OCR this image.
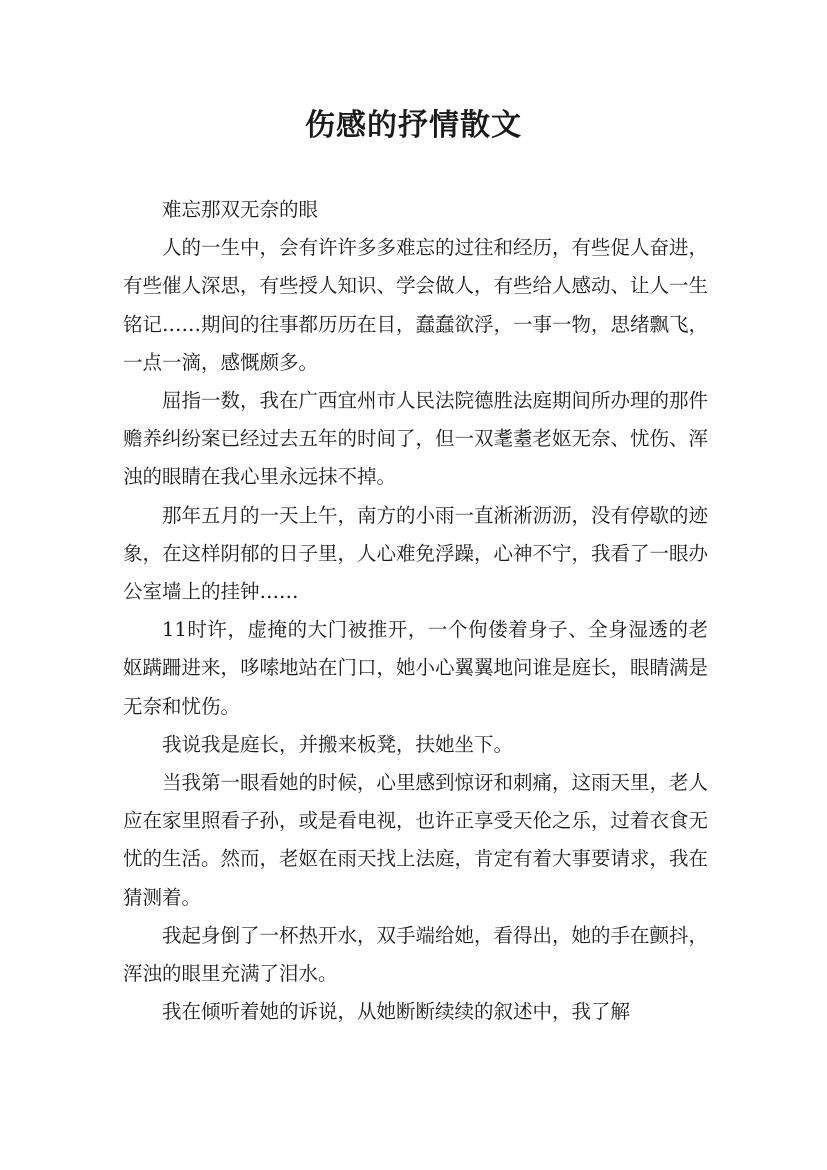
伤感的抒情散文

难忘那双无奈的眼

人的一生中，会有许许多多难忘的过往和经历，有些促人奋进，有些催人深思，有些授人知识、学会做人，有些给人感动、让人一生铭记……期间的往事都历历在目，蠢蠢欲浮，一事一物，思绪飘飞，一点一滴，感慨颇多。

屈指一数，我在广西宜州市人民法院德胜法庭期间所办理的那件赡养纠纷案已经过去五年的时间了，但一双耄耋老妪无奈、忧伤、浑浊的眼睛在我心里永远抹不掉。

那年五月的一天上午，南方的小雨一直淅淅沥沥，没有停歇的迹象，在这样阴郁的日子里，人心难免浮躁，心神不宁，我看了一眼办公室墙上的挂钟……

11时许，虚掩的大门被推开，一个佝偻着身子、全身湿透的老妪蹒跚进来，哆嗦地站在门口，她小心翼翼地问谁是庭长，眼睛满是无奈和忧伤。

我说我是庭长，并搬来板凳，扶她坐下。

当我第一眼看她的时候，心里感到惊讶和刺痛，这雨天里，老人应在家里照看子孙，或是看电视，也许正享受天伦之乐，过着衣食无忧的生活。然而，老妪在雨天找上法庭，肯定有着大事要请求，我在猜测着。

我起身倒了一杯热开水，双手端给她，看得出，她的手在颤抖，浑浊的眼里充满了泪水。

我在倾听着她的诉说，从她断断续续的叙述中，我了解
